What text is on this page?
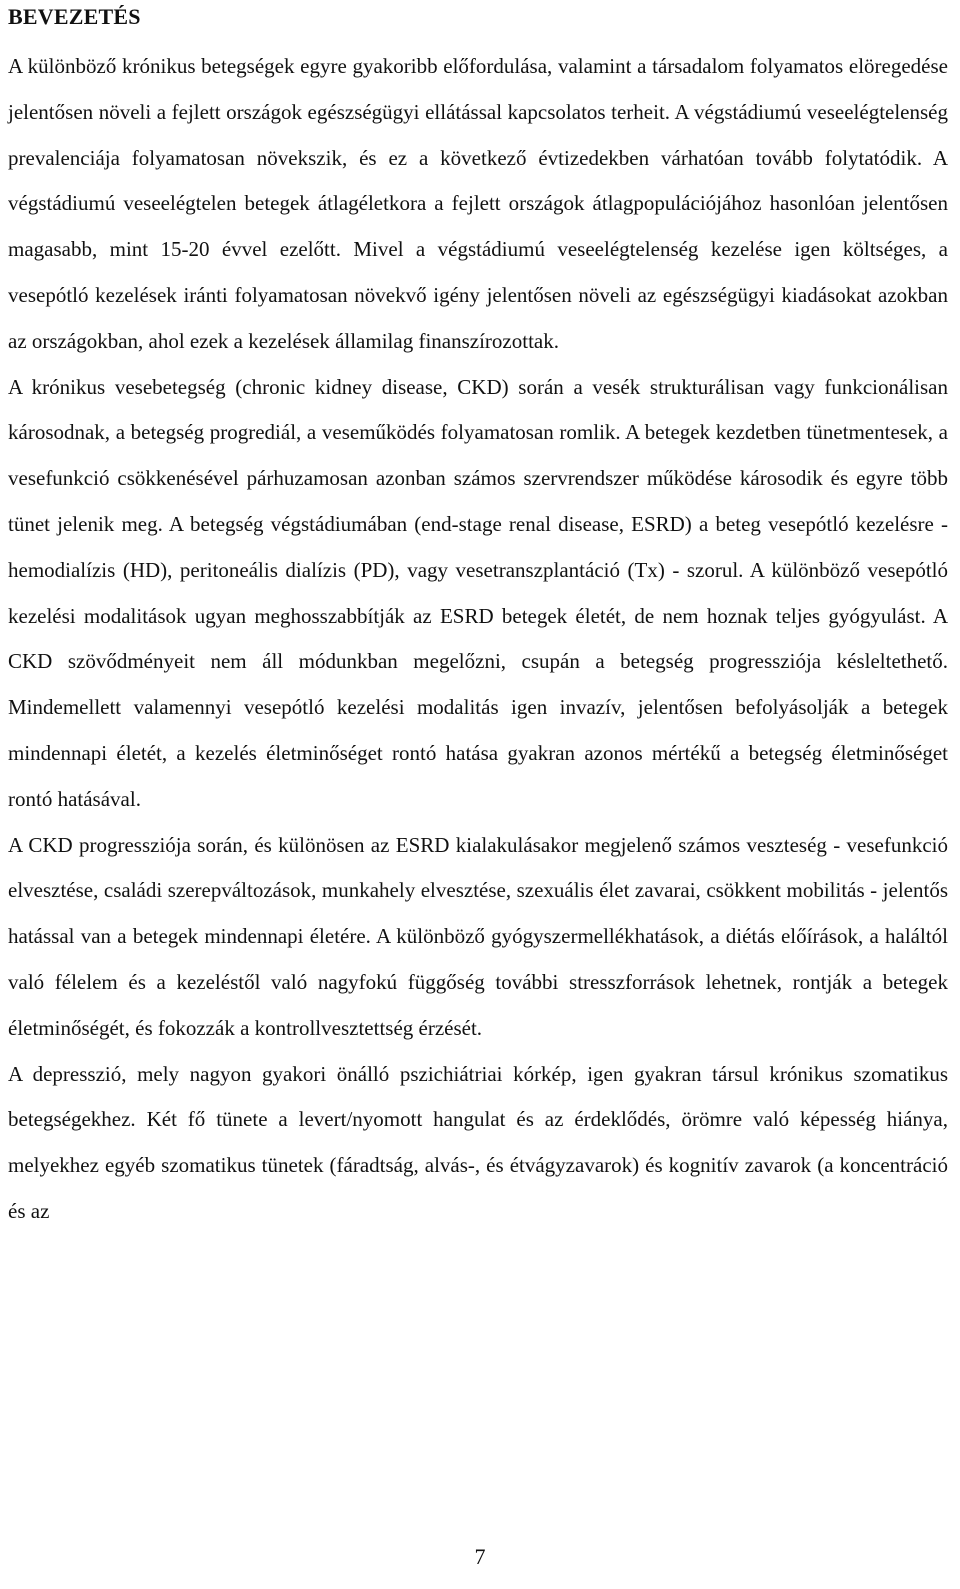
BEVEZETÉS

A különböző krónikus betegségek egyre gyakoribb előfordulása, valamint a társadalom folyamatos elöregedése jelentősen növeli a fejlett országok egészségügyi ellátással kapcsolatos terheit. A végstádiumú veseelégtelenség prevalenciája folyamatosan növekszik, és ez a következő évtizedekben várhatóan tovább folytatódik. A végstádiumú veseelégtelen betegek átlagéletkora a fejlett országok átlagpopulációjához hasonlóan jelentősen magasabb, mint 15-20 évvel ezelőtt. Mivel a végstádiumú veseelégtelenség kezelése igen költséges, a vesepótló kezelések iránti folyamatosan növekvő igény jelentősen növeli az egészségügyi kiadásokat azokban az országokban, ahol ezek a kezelések államilag finanszírozottak.

A krónikus vesebetegség (chronic kidney disease, CKD) során a vesék strukturálisan vagy funkcionálisan károsodnak, a betegség progrediál, a veseműködés folyamatosan romlik. A betegek kezdetben tünetmentesek, a vesefunkció csökkenésével párhuzamosan azonban számos szervrendszer működése károsodik és egyre több tünet jelenik meg. A betegség végstádiumában (end-stage renal disease, ESRD) a beteg vesepótló kezelésre - hemodialízis (HD), peritoneális dialízis (PD), vagy vesetranszplantáció (Tx) - szorul. A különböző vesepótló kezelési modalitások ugyan meghosszabbítják az ESRD betegek életét, de nem hoznak teljes gyógyulást. A CKD szövődményeit nem áll módunkban megelőzni, csupán a betegség progressziója késleltethető. Mindemellett valamennyi vesepótló kezelési modalitás igen invazív, jelentősen befolyásolják a betegek mindennapi életét, a kezelés életminőséget rontó hatása gyakran azonos mértékű a betegség életminőséget rontó hatásával.

A CKD progressziója során, és különösen az ESRD kialakulásakor megjelenő számos veszteség - vesefunkció elvesztése, családi szerepváltozások, munkahely elvesztése, szexuális élet zavarai, csökkent mobilitás - jelentős hatással van a betegek mindennapi életére. A különböző gyógyszermellékhatások, a diétás előírások, a haláltól való félelem és a kezeléstől való nagyfokú függőség további stresszforrások lehetnek, rontják a betegek életminőségét, és fokozzák a kontrollvesztettség érzését.

A depresszió, mely nagyon gyakori önálló pszichiátriai kórkép, igen gyakran társul krónikus szomatikus betegségekhez. Két fő tünete a levert/nyomott hangulat és az érdeklődés, örömre való képesség hiánya, melyekhez egyéb szomatikus tünetek (fáradtság, alvás-, és étvágyzavarok) és kognitív zavarok (a koncentráció és az

7
